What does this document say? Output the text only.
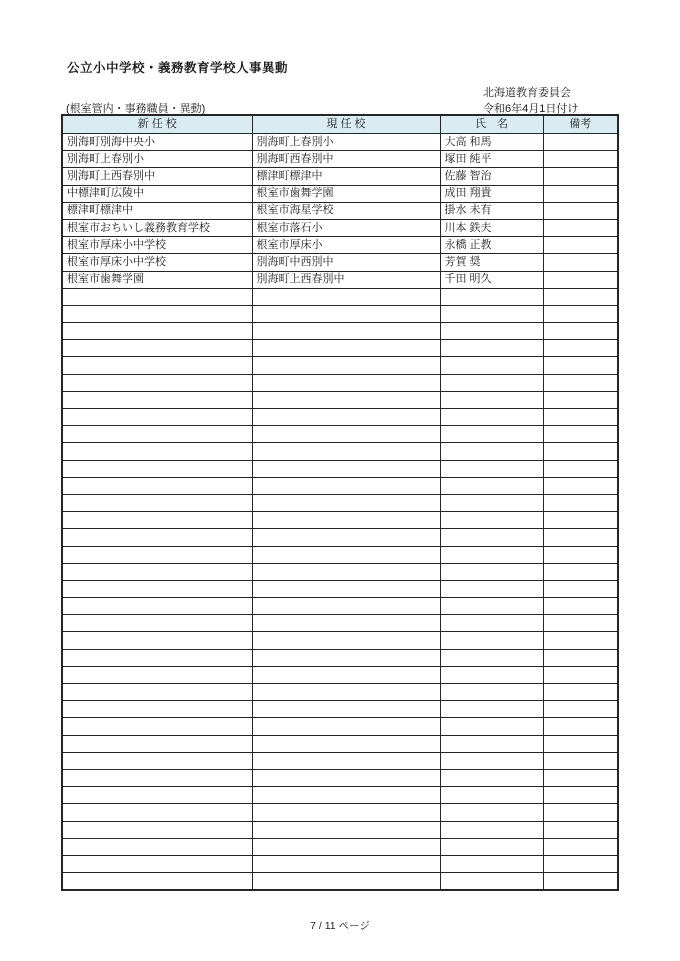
公立小中学校・義務教育学校人事異動
北海道教育委員会
(根室管内・事務職員・異動)	令和6年4月1日付け
新 任 校	現 任 校	氏　名	備考
別海町別海中央小	別海町上春別小	大高 和馬	
別海町上春別小	別海町西春別中	塚田 純平	
別海町上西春別中	標津町標津中	佐藤 智治	
中標津町広陵中	根室市歯舞学園	成田 翔貴	
標津町標津中	根室市海星学校	掛水 未有	
根室市おちいし義務教育学校	根室市落石小	川本 鉄夫	
根室市厚床小中学校	根室市厚床小	永橋 正教	
根室市厚床小中学校	別海町中西別中	芳賀 奨	
根室市歯舞学園	別海町上西春別中	千田 明久	

7 / 11 ページ
